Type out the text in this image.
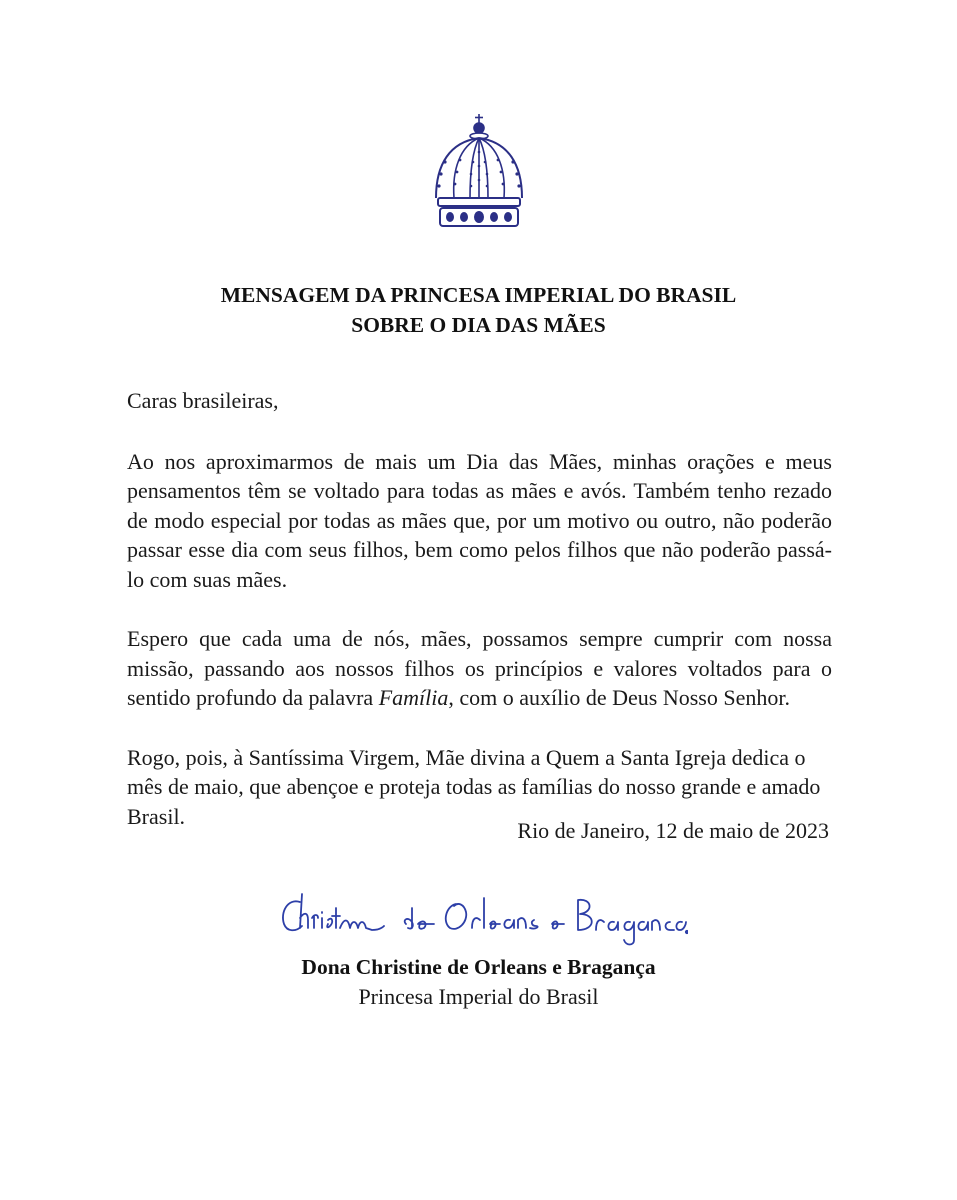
MENSAGEM DA PRINCESA IMPERIAL DO BRASIL
SOBRE O DIA DAS MÃES

Caras brasileiras,

Ao nos aproximarmos de mais um Dia das Mães, minhas orações e meus pensamentos têm se voltado para todas as mães e avós. Também tenho rezado de modo especial por todas as mães que, por um motivo ou outro, não poderão passar esse dia com seus filhos, bem como pelos filhos que não poderão passá-lo com suas mães.

Espero que cada uma de nós, mães, possamos sempre cumprir com nossa missão, passando aos nossos filhos os princípios e valores voltados para o sentido profundo da palavra Família, com o auxílio de Deus Nosso Senhor.

Rogo, pois, à Santíssima Virgem, Mãe divina a Quem a Santa Igreja dedica o mês de maio, que abençoe e proteja todas as famílias do nosso grande e amado Brasil.

Rio de Janeiro, 12 de maio de 2023
Dona Christine de Orleans e Bragança
Princesa Imperial do Brasil
